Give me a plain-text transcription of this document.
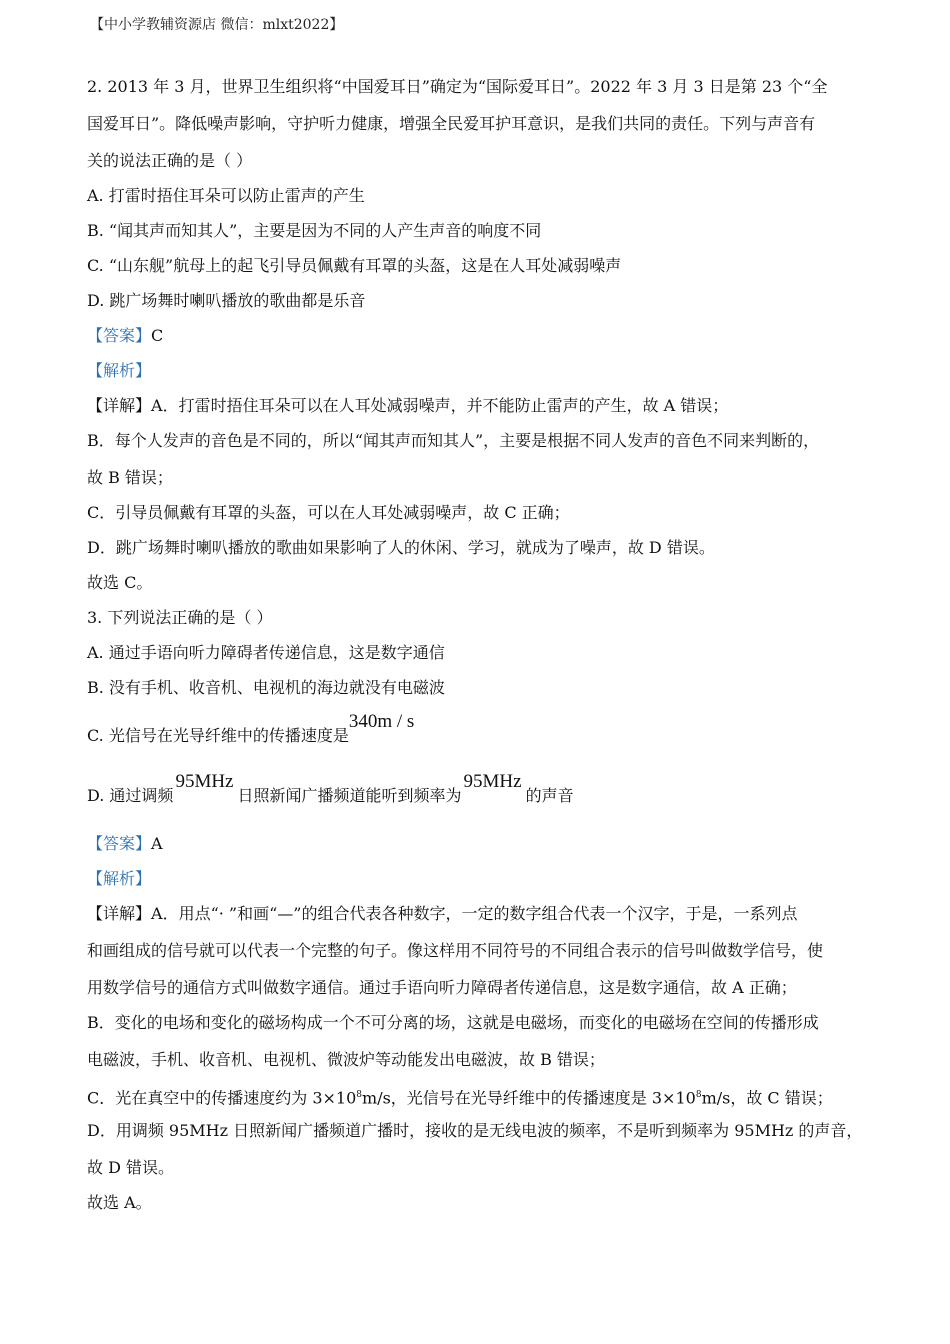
【中小学教辅资源店 微信：mlxt2022】
2. 2013 年 3 月，世界卫生组织将“中国爱耳日”确定为“国际爱耳日”。2022 年 3 月 3 日是第 23 个“全
国爱耳日”。降低噪声影响，守护听力健康，增强全民爱耳护耳意识，是我们共同的责任。下列与声音有
关的说法正确的是（ ）
A. 打雷时捂住耳朵可以防止雷声的产生
B. “闻其声而知其人”，主要是因为不同的人产生声音的响度不同
C. “山东舰”航母上的起飞引导员佩戴有耳罩的头盔，这是在人耳处减弱噪声
D. 跳广场舞时喇叭播放的歌曲都是乐音
【答案】C
【解析】
【详解】A．打雷时捂住耳朵可以在人耳处减弱噪声，并不能防止雷声的产生，故 A 错误；
B．每个人发声的音色是不同的，所以“闻其声而知其人”，主要是根据不同人发声的音色不同来判断的，
故 B 错误；
C．引导员佩戴有耳罩的头盔，可以在人耳处减弱噪声，故 C 正确；
D．跳广场舞时喇叭播放的歌曲如果影响了人的休闲、学习，就成为了噪声，故 D 错误。
故选 C。
3. 下列说法正确的是（ ）
A. 通过手语向听力障碍者传递信息，这是数字通信
B. 没有手机、收音机、电视机的海边就没有电磁波
C. 光信号在光导纤维中的传播速度是340m / s
D. 通过调频95MHz日照新闻广播频道能听到频率为95MHz的声音
【答案】A
【解析】
【详解】A．用点“· ”和画“—”的组合代表各种数字，一定的数字组合代表一个汉字，于是，一系列点
和画组成的信号就可以代表一个完整的句子。像这样用不同符号的不同组合表示的信号叫做数学信号，使
用数学信号的通信方式叫做数字通信。通过手语向听力障碍者传递信息，这是数字通信，故 A 正确；
B．变化的电场和变化的磁场构成一个不可分离的场，这就是电磁场，而变化的电磁场在空间的传播形成
电磁波，手机、收音机、电视机、微波炉等动能发出电磁波，故 B 错误；
C．光在真空中的传播速度约为 $3\times 10^8m/s$，光信号在光导纤维中的传播速度是 $3\times 10^8m/s$，故 C 错误；
D．用调频 95MHz 日照新闻广播频道广播时，接收的是无线电波的频率，不是听到频率为 95MHz 的声音，
故 D 错误。
故选 A。
